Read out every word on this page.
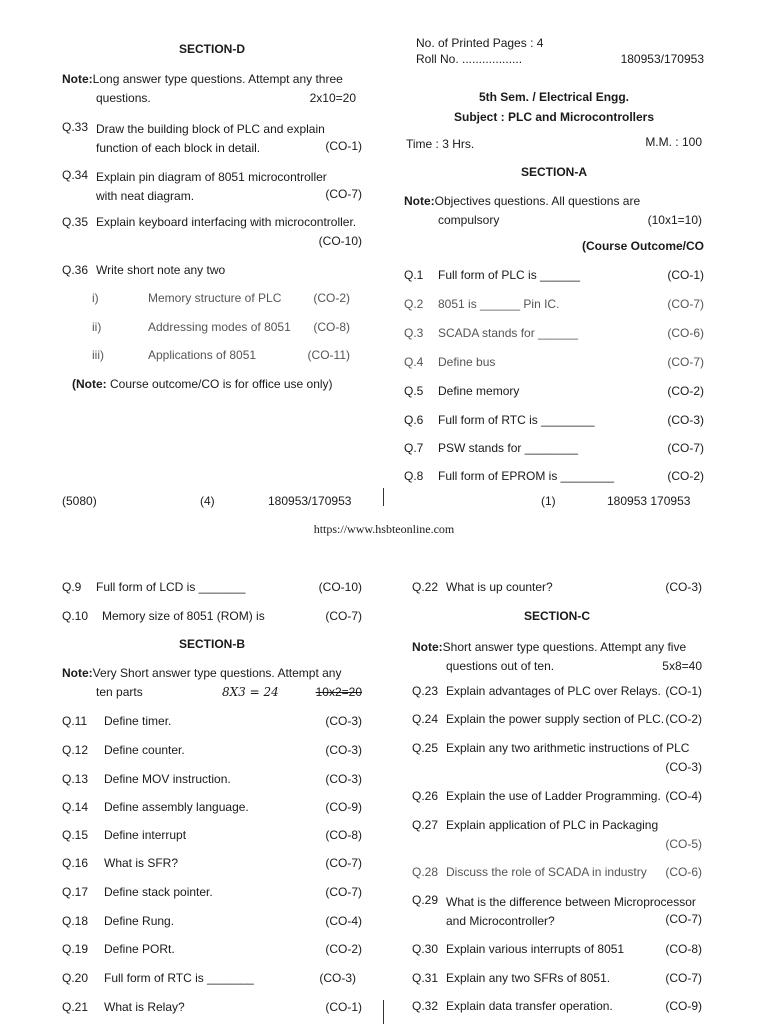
SECTION-D
Note:Long answer type questions. Attempt any three
questions.	2x10=20
Q.33 Draw the building block of PLC and explain
function of each block in detail.	(CO-1)
Q.34 Explain pin diagram of 8051 microcontroller
with neat diagram.	(CO-7)
Q.35 Explain keyboard interfacing with microcontroller.
(CO-10)
Q.36 Write short note any two
i)	Memory structure of PLC	(CO-2)
ii)	Addressing modes of 8051	(CO-8)
iii)	Applications of 8051	(CO-11)
(Note:
Course outcome/CO is for office use only)
No. of Printed Pages : 4
Roll No. ..................	180953/170953
5th Sem. / Electrical Engg.
Subject : PLC and Microcontrollers
Time : 3 Hrs.	M.M. : 100
SECTION-A
Note:Objectives questions. All questions are
compulsory	(10x1=10)
(Course Outcome/CO
Q.1	Full form of PLC is ______	(CO-1)
Q.2	8051 is ______ Pin IC.	(CO-7)
Q.3	SCADA stands for ______	(CO-6)
Q.4	Define bus	(CO-7)
Q.5	Define memory	(CO-2)
Q.6	Full form of RTC is ________	(CO-3)
Q.7	PSW stands for ________	(CO-7)
Q.8	Full form of EPROM is ________	(CO-2)
(5080)	(4)	180953/170953	(1)	180953 170953
https://www.hsbteonline.com
Q.9	Full form of LCD is _______	(CO-10)
Q.10	Memory size of 8051 (ROM) is	(CO-7)
SECTION-B
Note:Very Short answer type questions. Attempt any
ten parts	8X3 = 24	10x2=20
Q.11	Define timer.	(CO-3)
Q.12	Define counter.	(CO-3)
Q.13	Define MOV instruction.	(CO-3)
Q.14	Define assembly language.	(CO-9)
Q.15	Define interrupt	(CO-8)
Q.16	What is SFR?	(CO-7)
Q.17	Define stack pointer.	(CO-7)
Q.18	Define Rung.	(CO-4)
Q.19	Define PORt.	(CO-2)
Q.20	Full form of RTC is _______	(CO-3)
Q.21	What is Relay?	(CO-1)
Q.22 What is up counter?	(CO-3)
SECTION-C
Note:Short answer type questions. Attempt any five
questions out of ten.	5x8=40
Q.23 Explain advantages of PLC over Relays. (CO-1)
Q.24 Explain the power supply section of PLC. (CO-2)
Q.25 Explain any two arithmetic instructions of PLC
(CO-3)
Q.26 Explain the use of Ladder Programming. (CO-4)
Q.27 Explain application of PLC in Packaging
(CO-5)
Q.28 Discuss the role of SCADA in industry	(CO-6)
Q.29 What is the difference between Microprocessor
and Microcontroller?	(CO-7)
Q.30 Explain various interrupts of 8051	(CO-8)
Q.31 Explain any two SFRs of 8051.	(CO-7)
Q.32 Explain data transfer operation.	(CO-9)
